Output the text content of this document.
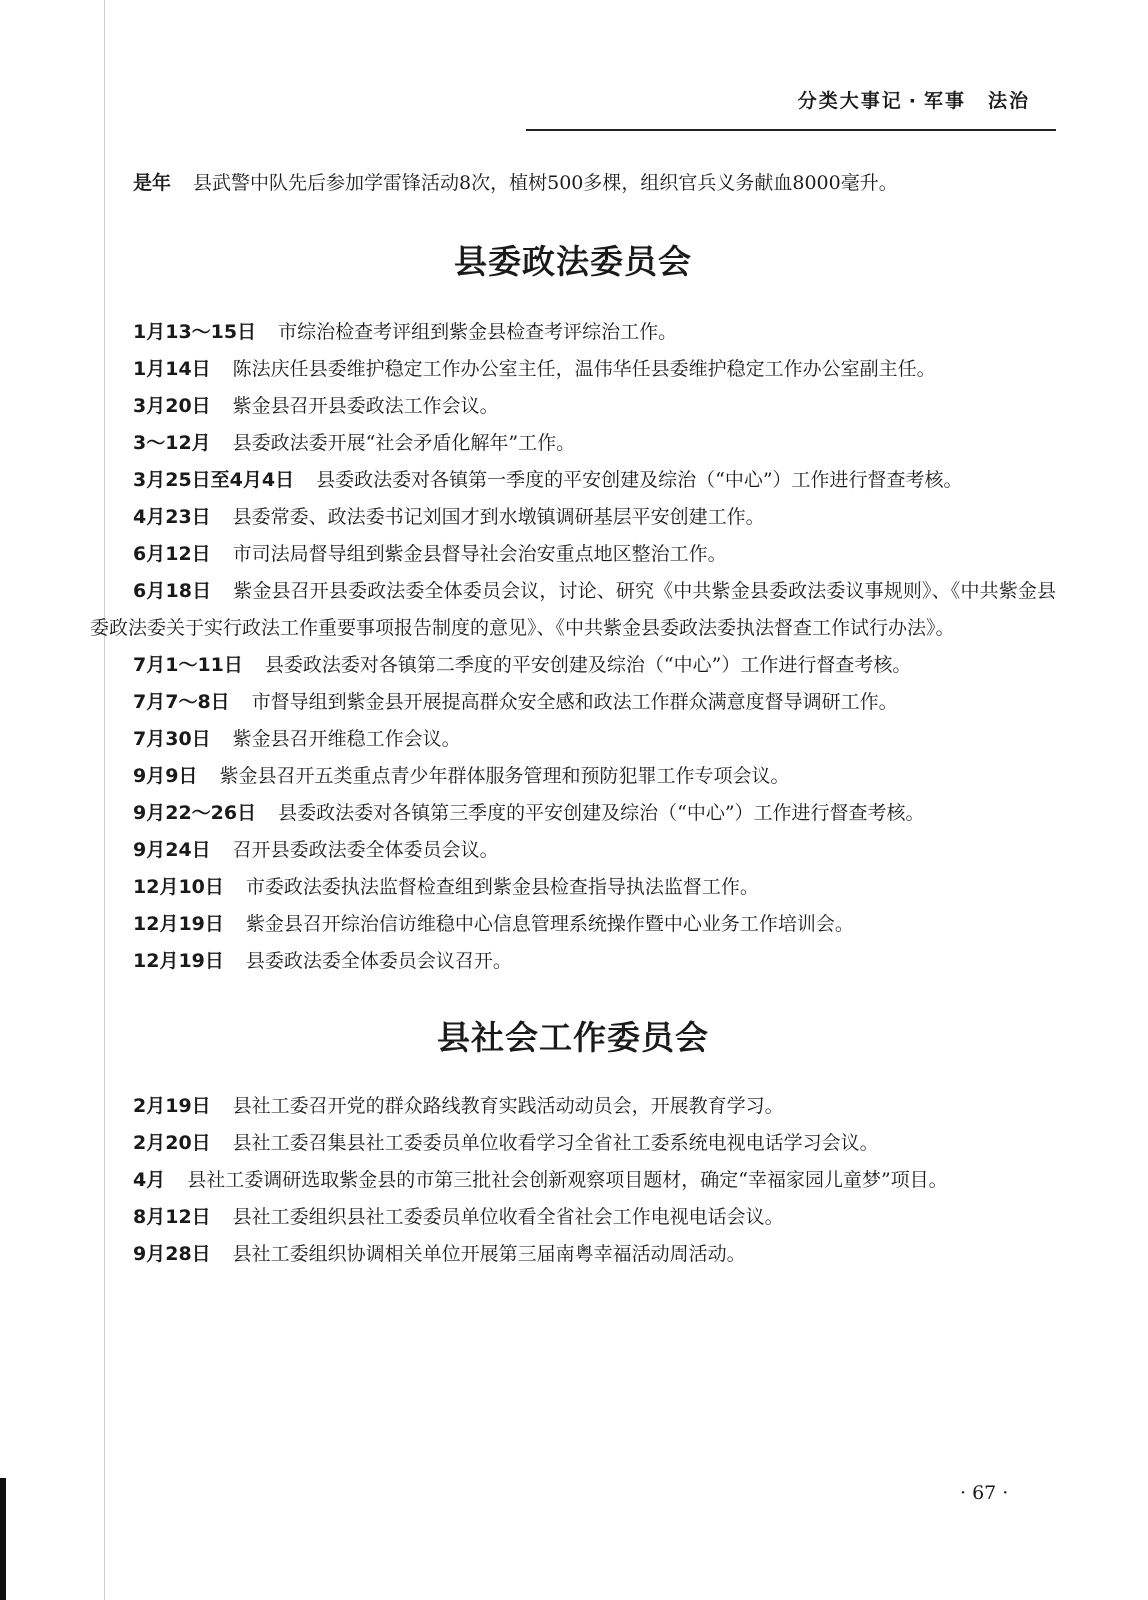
分类大事记 · 军事 法治

是年 县武警中队先后参加学雷锋活动8次，植树500多棵，组织官兵义务献血8000毫升。

县委政法委员会

1月13～15日 市综治检查考评组到紫金县检查考评综治工作。

1月14日 陈法庆任县委维护稳定工作办公室主任，温伟华任县委维护稳定工作办公室副主任。

3月20日 紫金县召开县委政法工作会议。

3～12月 县委政法委开展“社会矛盾化解年”工作。

3月25日至4月4日 县委政法委对各镇第一季度的平安创建及综治（“中心”）工作进行督查考核。

4月23日 县委常委、政法委书记刘国才到水墩镇调研基层平安创建工作。

6月12日 市司法局督导组到紫金县督导社会治安重点地区整治工作。

6月18日 紫金县召开县委政法委全体委员会议，讨论、研究《中共紫金县委政法委议事规则》、《中共紫金县委政法委关于实行政法工作重要事项报告制度的意见》、《中共紫金县委政法委执法督查工作试行办法》。

7月1～11日 县委政法委对各镇第二季度的平安创建及综治（“中心”）工作进行督查考核。

7月7～8日 市督导组到紫金县开展提高群众安全感和政法工作群众满意度督导调研工作。

7月30日 紫金县召开维稳工作会议。

9月9日 紫金县召开五类重点青少年群体服务管理和预防犯罪工作专项会议。

9月22～26日 县委政法委对各镇第三季度的平安创建及综治（“中心”）工作进行督查考核。

9月24日 召开县委政法委全体委员会议。

12月10日 市委政法委执法监督检查组到紫金县检查指导执法监督工作。

12月19日 紫金县召开综治信访维稳中心信息管理系统操作暨中心业务工作培训会。

12月19日 县委政法委全体委员会议召开。

县社会工作委员会

2月19日 县社工委召开党的群众路线教育实践活动动员会，开展教育学习。

2月20日 县社工委召集县社工委委员单位收看学习全省社工委系统电视电话学习会议。

4月 县社工委调研选取紫金县的市第三批社会创新观察项目题材，确定“幸福家园儿童梦”项目。

8月12日 县社工委组织县社工委委员单位收看全省社会工作电视电话会议。

9月28日 县社工委组织协调相关单位开展第三届南粤幸福活动周活动。

· 67 ·
